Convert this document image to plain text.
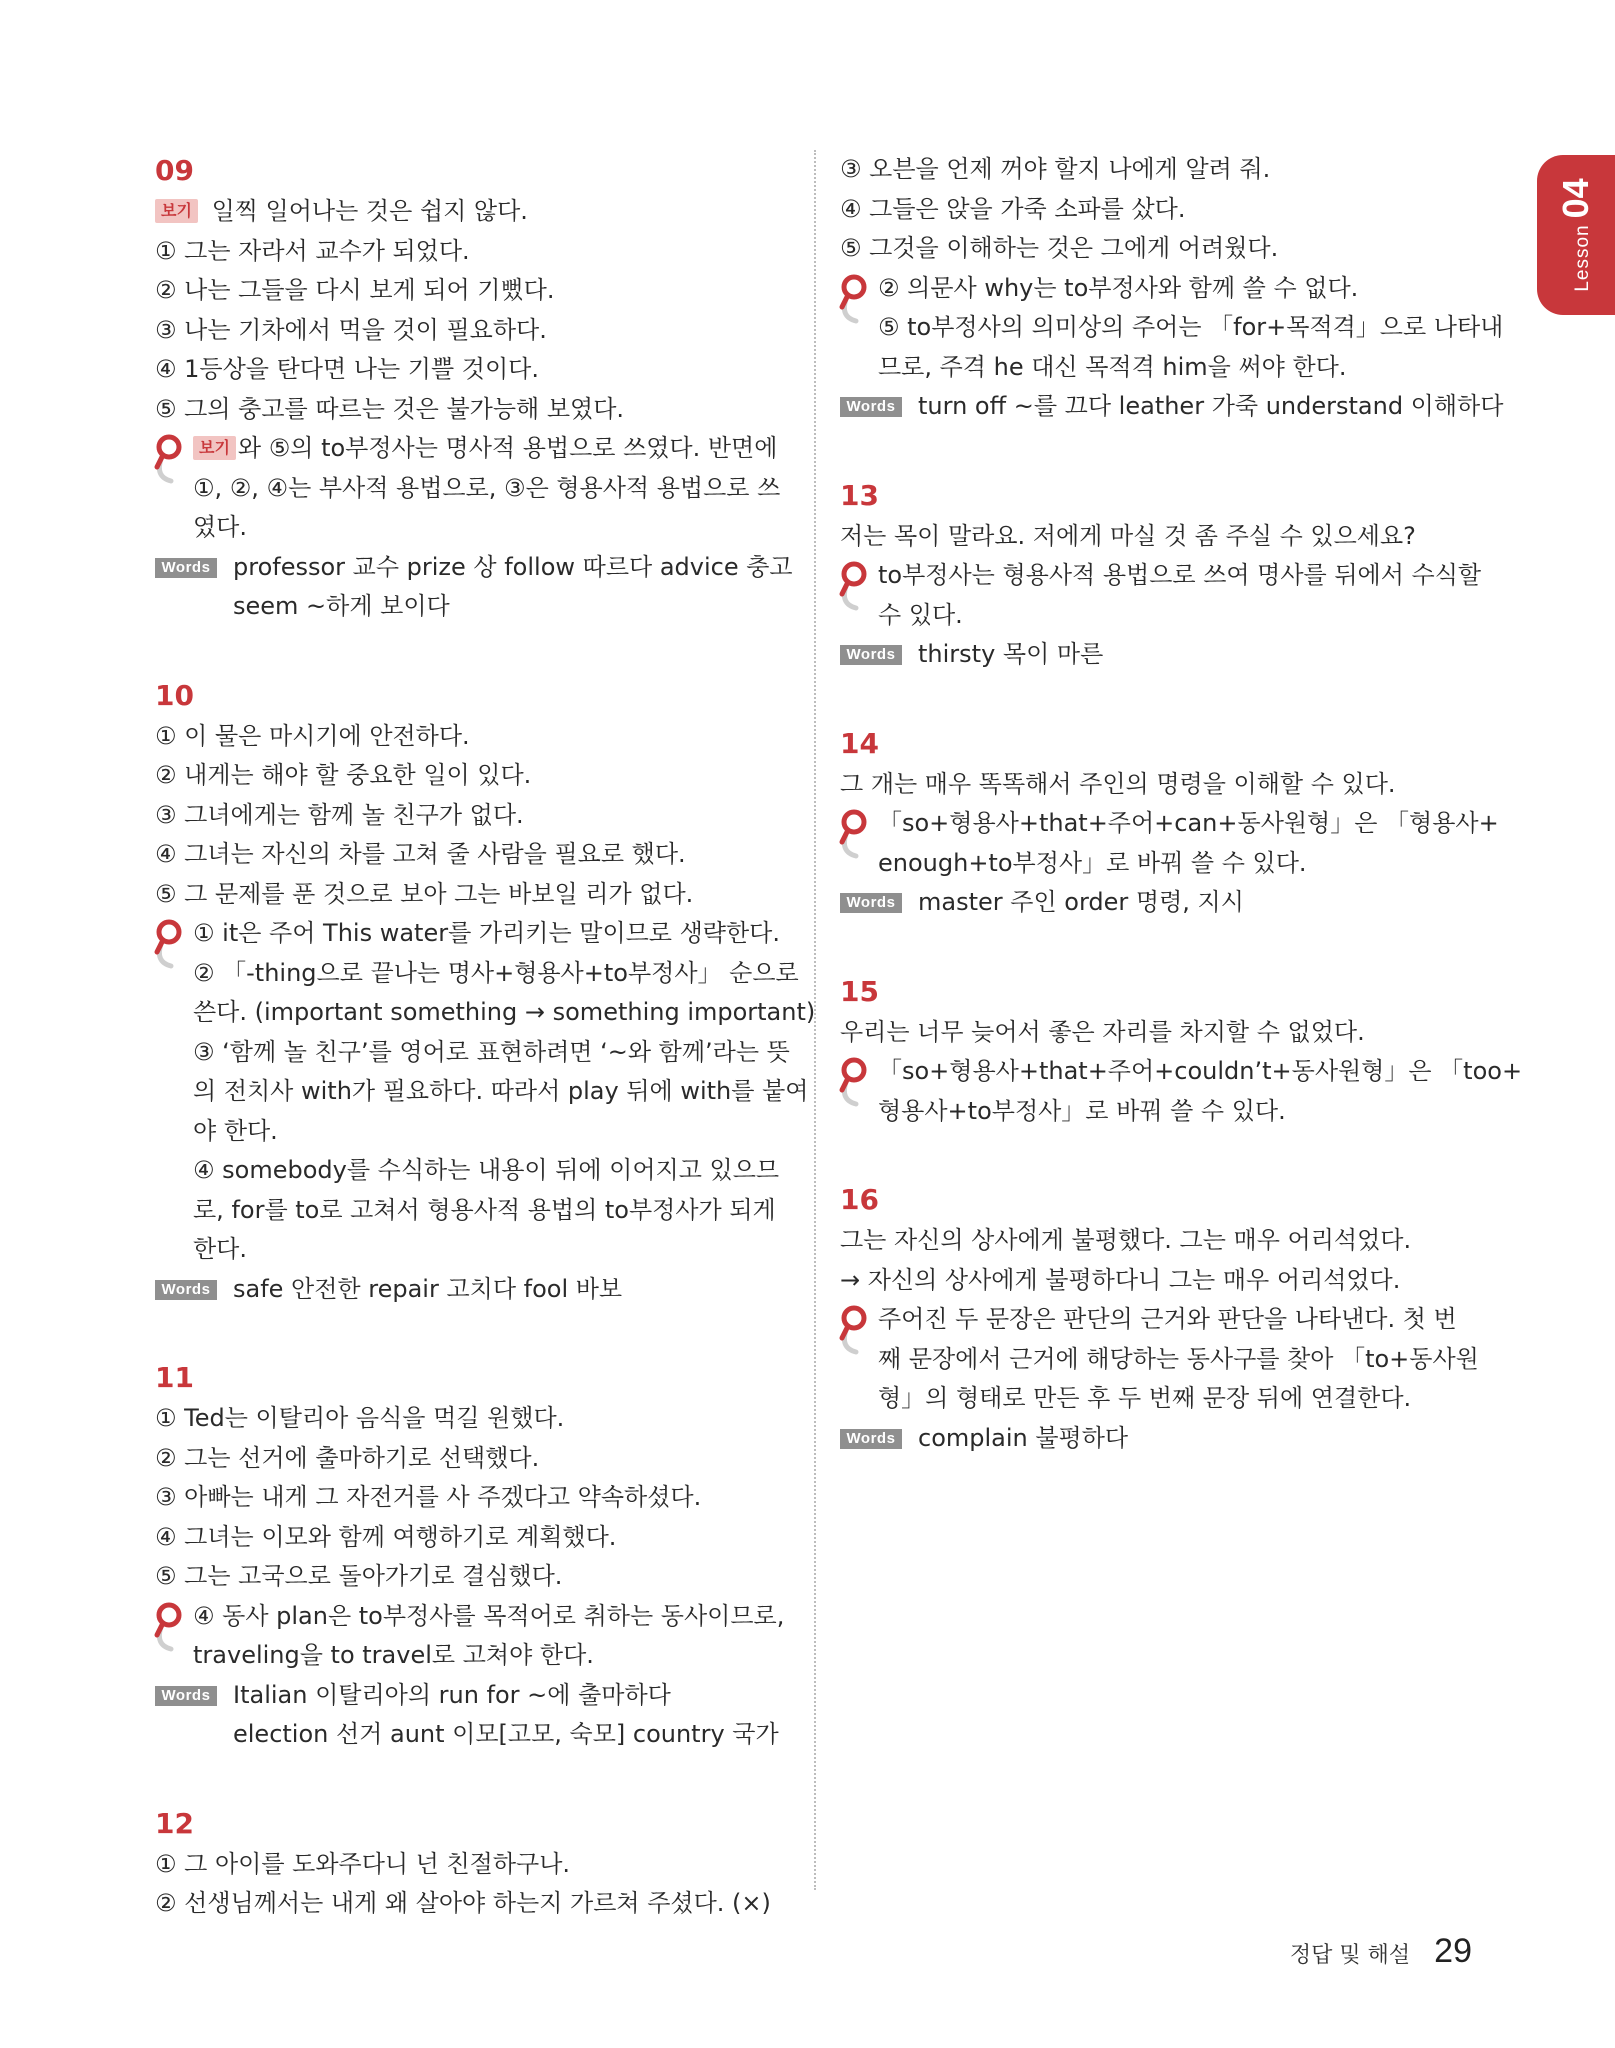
Lesson
04
09
보기 일찍 일어나는 것은 쉽지 않다.
① 그는 자라서 교수가 되었다.
② 나는 그들을 다시 보게 되어 기뻤다.
③ 나는 기차에서 먹을 것이 필요하다.
④ 1등상을 탄다면 나는 기쁠 것이다.
⑤ 그의 충고를 따르는 것은 불가능해 보였다.
보기 와 ⑤의 to부정사는 명사적 용법으로 쓰였다. 반면에
①, ②, ④는 부사적 용법으로, ③은 형용사적 용법으로 쓰
였다.
Words professor 교수 prize 상 follow 따르다 advice 충고
seem ~하게 보이다
10
① 이 물은 마시기에 안전하다.
② 내게는 해야 할 중요한 일이 있다.
③ 그녀에게는 함께 놀 친구가 없다.
④ 그녀는 자신의 차를 고쳐 줄 사람을 필요로 했다.
⑤ 그 문제를 푼 것으로 보아 그는 바보일 리가 없다.
① it은 주어 This water를 가리키는 말이므로 생략한다.
② 「-thing으로 끝나는 명사+형용사+to부정사」 순으로
쓴다. (important something → something important)
③ ‘함께 놀 친구’를 영어로 표현하려면 ‘~와 함께’라는 뜻
의 전치사 with가 필요하다. 따라서 play 뒤에 with를 붙여
야 한다.
④ somebody를 수식하는 내용이 뒤에 이어지고 있으므
로, for를 to로 고쳐서 형용사적 용법의 to부정사가 되게
한다.
Words safe 안전한 repair 고치다 fool 바보
11
① Ted는 이탈리아 음식을 먹길 원했다.
② 그는 선거에 출마하기로 선택했다.
③ 아빠는 내게 그 자전거를 사 주겠다고 약속하셨다.
④ 그녀는 이모와 함께 여행하기로 계획했다.
⑤ 그는 고국으로 돌아가기로 결심했다.
④ 동사 plan은 to부정사를 목적어로 취하는 동사이므로,
traveling을 to travel로 고쳐야 한다.
Words Italian 이탈리아의 run for ~에 출마하다
election 선거 aunt 이모[고모, 숙모] country 국가
12
① 그 아이를 도와주다니 넌 친절하구나.
② 선생님께서는 내게 왜 살아야 하는지 가르쳐 주셨다. (×)
③ 오븐을 언제 꺼야 할지 나에게 알려 줘.
④ 그들은 앉을 가죽 소파를 샀다.
⑤ 그것을 이해하는 것은 그에게 어려웠다.
② 의문사 why는 to부정사와 함께 쓸 수 없다.
⑤ to부정사의 의미상의 주어는 「for+목적격」으로 나타내
므로, 주격 he 대신 목적격 him을 써야 한다.
Words turn off ~를 끄다 leather 가죽 understand 이해하다
13
저는 목이 말라요. 저에게 마실 것 좀 주실 수 있으세요?
to부정사는 형용사적 용법으로 쓰여 명사를 뒤에서 수식할
수 있다.
Words thirsty 목이 마른
14
그 개는 매우 똑똑해서 주인의 명령을 이해할 수 있다.
「so+형용사+that+주어+can+동사원형」은 「형용사+
enough+to부정사」로 바꿔 쓸 수 있다.
Words master 주인 order 명령, 지시
15
우리는 너무 늦어서 좋은 자리를 차지할 수 없었다.
「so+형용사+that+주어+couldn’t+동사원형」은 「too+
형용사+to부정사」로 바꿔 쓸 수 있다.
16
그는 자신의 상사에게 불평했다. 그는 매우 어리석었다.
→ 자신의 상사에게 불평하다니 그는 매우 어리석었다.
주어진 두 문장은 판단의 근거와 판단을 나타낸다. 첫 번
째 문장에서 근거에 해당하는 동사구를 찾아 「to+동사원
형」의 형태로 만든 후 두 번째 문장 뒤에 연결한다.
Words complain 불평하다
정답 및 해설 29
